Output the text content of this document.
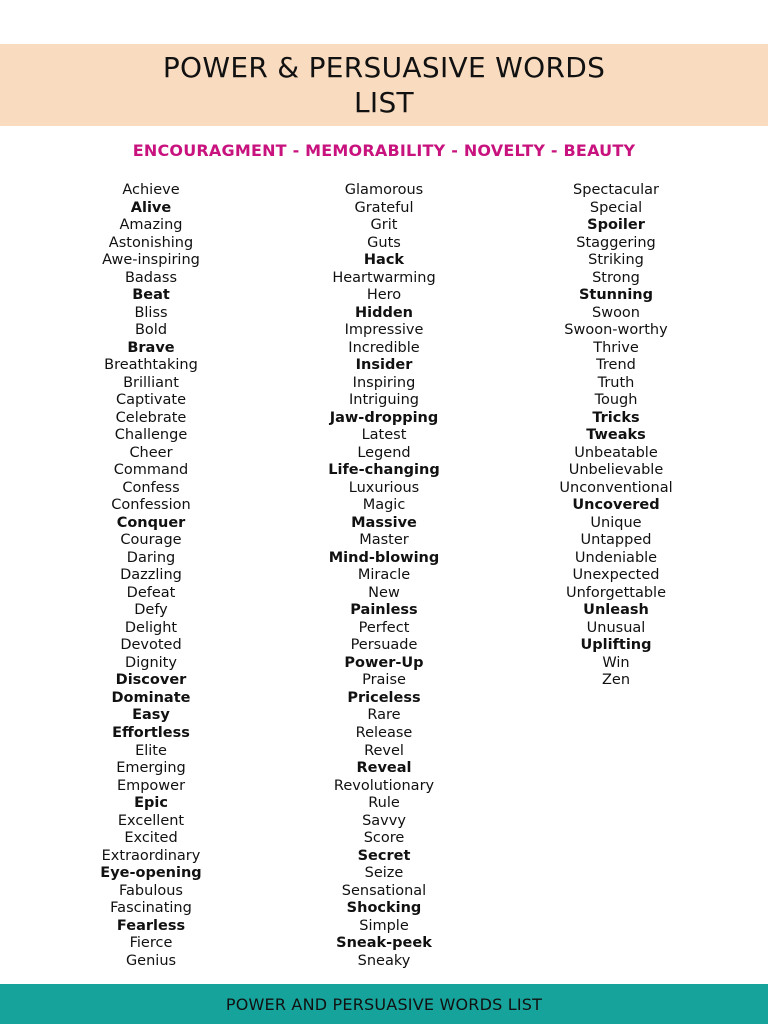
POWER & PERSUASIVE WORDS
LIST
ENCOURAGMENT - MEMORABILITY - NOVELTY - BEAUTY
Achieve
Alive
Amazing
Astonishing
Awe-inspiring
Badass
Beat
Bliss
Bold
Brave
Breathtaking
Brilliant
Captivate
Celebrate
Challenge
Cheer
Command
Confess
Confession
Conquer
Courage
Daring
Dazzling
Defeat
Defy
Delight
Devoted
Dignity
Discover
Dominate
Easy
Effortless
Elite
Emerging
Empower
Epic
Excellent
Excited
Extraordinary
Eye-opening
Fabulous
Fascinating
Fearless
Fierce
Genius
Glamorous
Grateful
Grit
Guts
Hack
Heartwarming
Hero
Hidden
Impressive
Incredible
Insider
Inspiring
Intriguing
Jaw-dropping
Latest
Legend
Life-changing
Luxurious
Magic
Massive
Master
Mind-blowing
Miracle
New
Painless
Perfect
Persuade
Power-Up
Praise
Priceless
Rare
Release
Revel
Reveal
Revolutionary
Rule
Savvy
Score
Secret
Seize
Sensational
Shocking
Simple
Sneak-peek
Sneaky
Spectacular
Special
Spoiler
Staggering
Striking
Strong
Stunning
Swoon
Swoon-worthy
Thrive
Trend
Truth
Tough
Tricks
Tweaks
Unbeatable
Unbelievable
Unconventional
Uncovered
Unique
Untapped
Undeniable
Unexpected
Unforgettable
Unleash
Unusual
Uplifting
Win
Zen
POWER AND PERSUASIVE WORDS LIST
